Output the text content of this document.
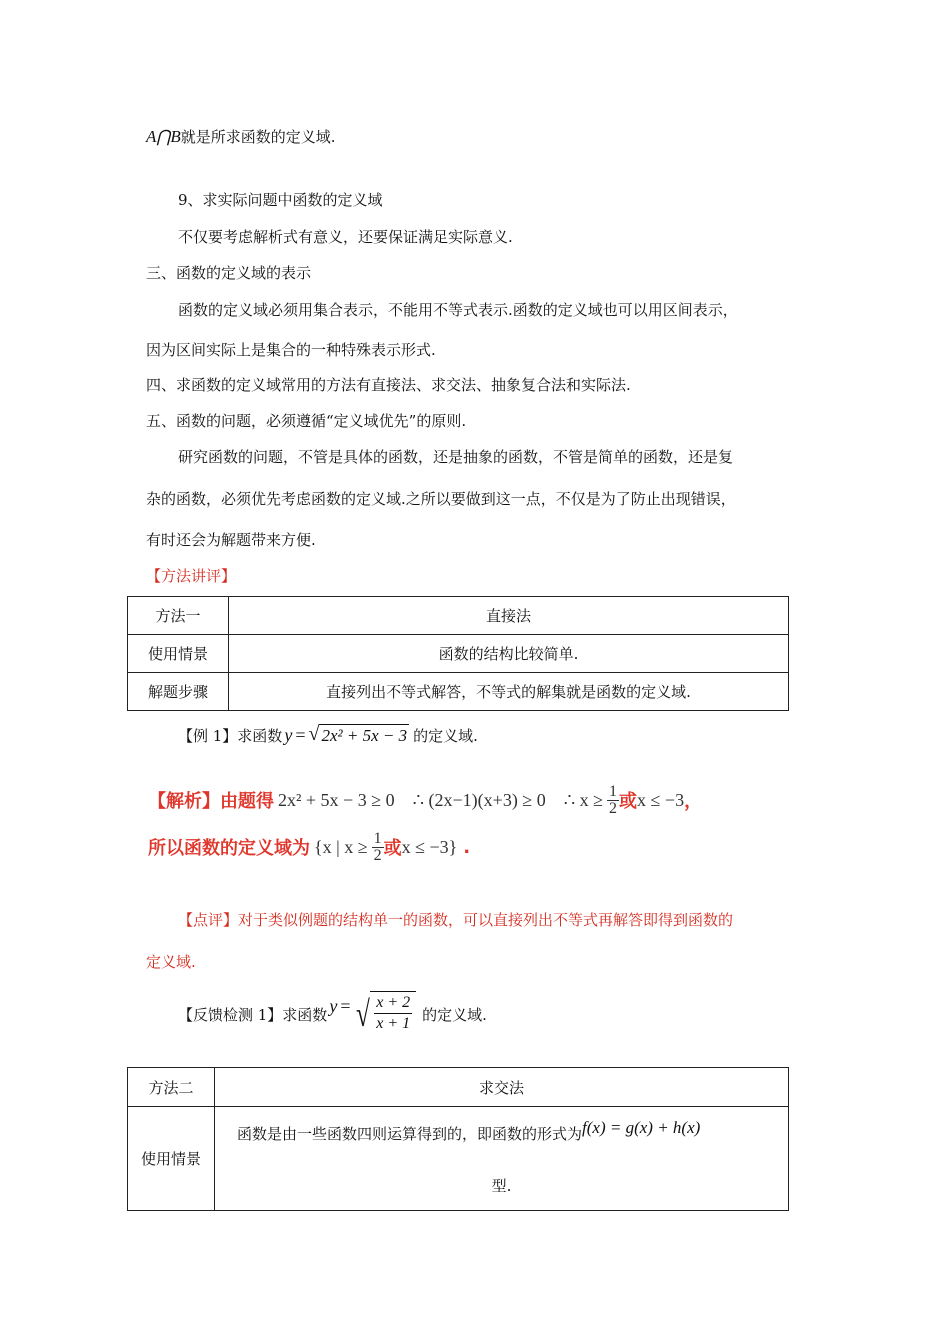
A⋂B就是所求函数的定义域.
9、求实际问题中函数的定义域
不仅要考虑解析式有意义，还要保证满足实际意义.
三、函数的定义域的表示
函数的定义域必须用集合表示，不能用不等式表示.函数的定义域也可以用区间表示，
因为区间实际上是集合的一种特殊表示形式.
四、求函数的定义域常用的方法有直接法、求交法、抽象复合法和实际法.
五、函数的问题，必须遵循“定义域优先”的原则.
研究函数的问题，不管是具体的函数，还是抽象的函数，不管是简单的函数，还是复
杂的函数，必须优先考虑函数的定义域.之所以要做到这一点，不仅是为了防止出现错误，
有时还会为解题带来方便.
【方法讲评】
方法一	直接法
使用情景	函数的结构比较简单.
解题步骤	直接列出不等式解答，不等式的解集就是函数的定义域.
【例 1】求函数 y = √ 2x² + 5x − 3 的定义域.
【解析】 由题得 2x² + 5x − 3 ≥ 0 ∴ (2x−1)(x+3) ≥ 0 ∴ $x \ge \frac{1}{2}$ 或 x ≤ −3 ，
所以函数的定义域为 {x | $x \ge \frac{1}{2}$ 或 x ≤ −3} .
【点评】对于类似例题的结构单一的函数，可以直接列出不等式再解答即得到函数的
定义域.
【反馈检测 1】求函数 y = √ $\frac{x + 2}{x + 1}$ 的定义域.
方法二	求交法
使用情景	函数是由一些函数四则运算得到的，即函数的形式为f(x) = g(x) + h(x)
型.
